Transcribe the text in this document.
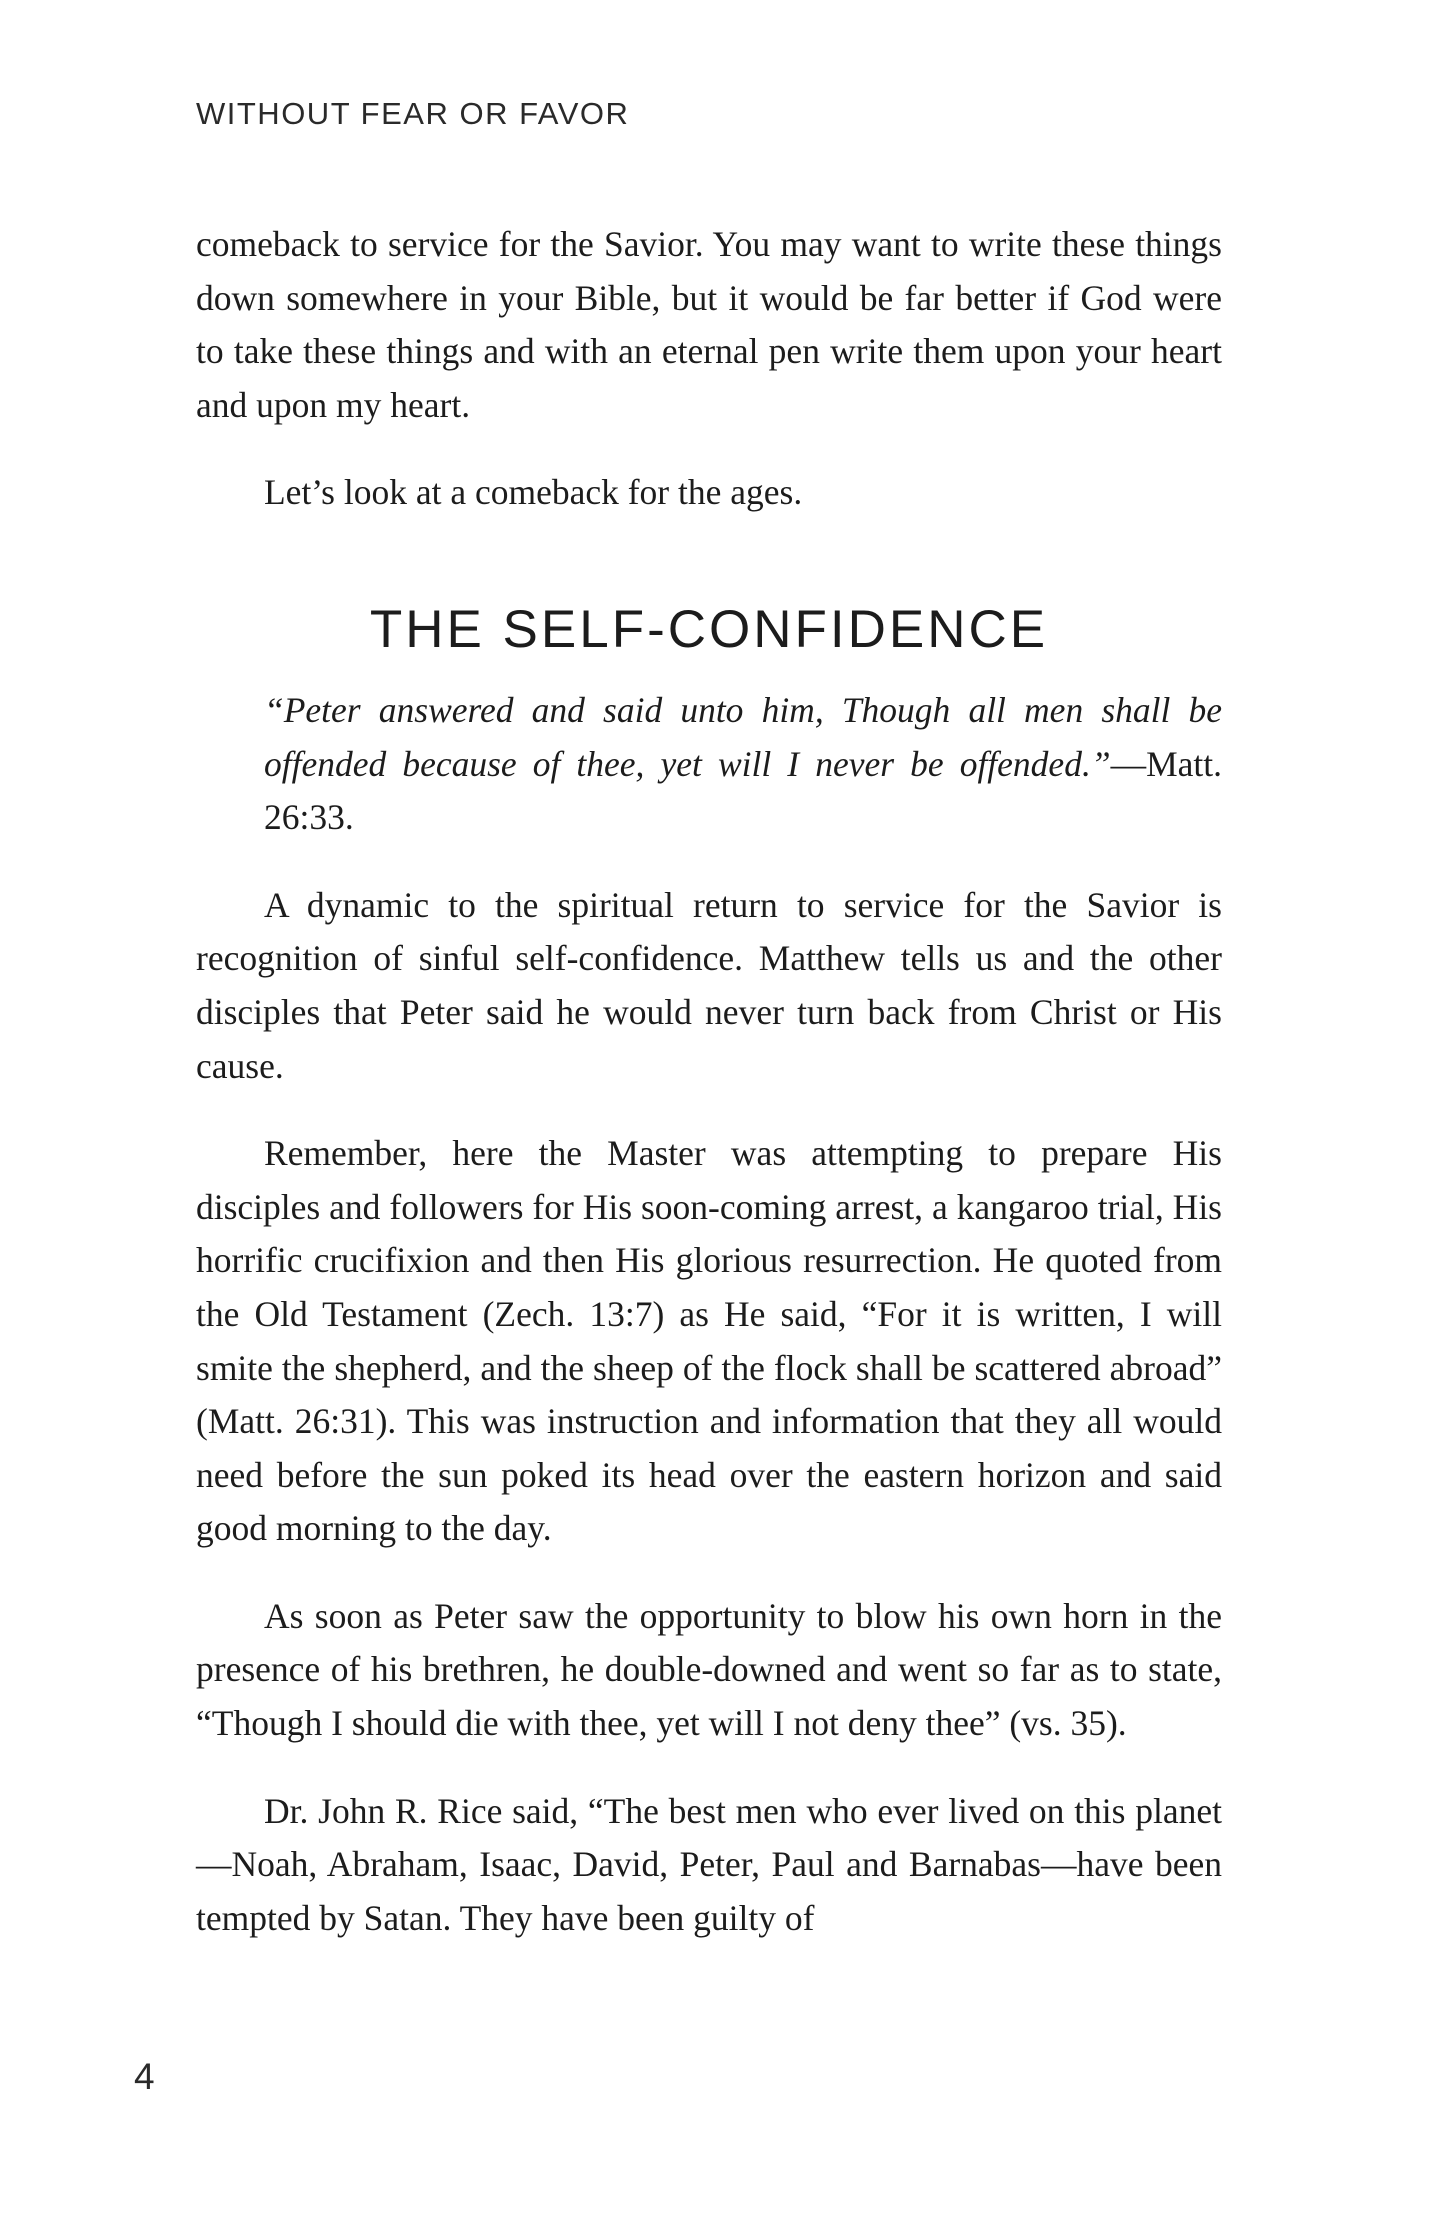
WITHOUT FEAR OR FAVOR

comeback to service for the Savior. You may want to write these things down somewhere in your Bible, but it would be far better if God were to take these things and with an eternal pen write them upon your heart and upon my heart.

Let’s look at a comeback for the ages.

THE SELF-CONFIDENCE
“Peter answered and said unto him, Though all men shall be offended because of thee, yet will I never be offended.”—Matt. 26:33.

A dynamic to the spiritual return to service for the Savior is recognition of sinful self-confidence. Matthew tells us and the other disciples that Peter said he would never turn back from Christ or His cause.

Remember, here the Master was attempting to prepare His disciples and followers for His soon-coming arrest, a kangaroo trial, His horrific crucifixion and then His glorious resurrection. He quoted from the Old Testament (Zech. 13:7) as He said, “For it is written, I will smite the shepherd, and the sheep of the flock shall be scattered abroad” (Matt. 26:31). This was instruction and information that they all would need before the sun poked its head over the eastern horizon and said good morning to the day.

As soon as Peter saw the opportunity to blow his own horn in the presence of his brethren, he double-downed and went so far as to state, “Though I should die with thee, yet will I not deny thee” (vs. 35).

Dr. John R. Rice said, “The best men who ever lived on this planet—Noah, Abraham, Isaac, David, Peter, Paul and Barnabas—have been tempted by Satan. They have been guilty of

4
